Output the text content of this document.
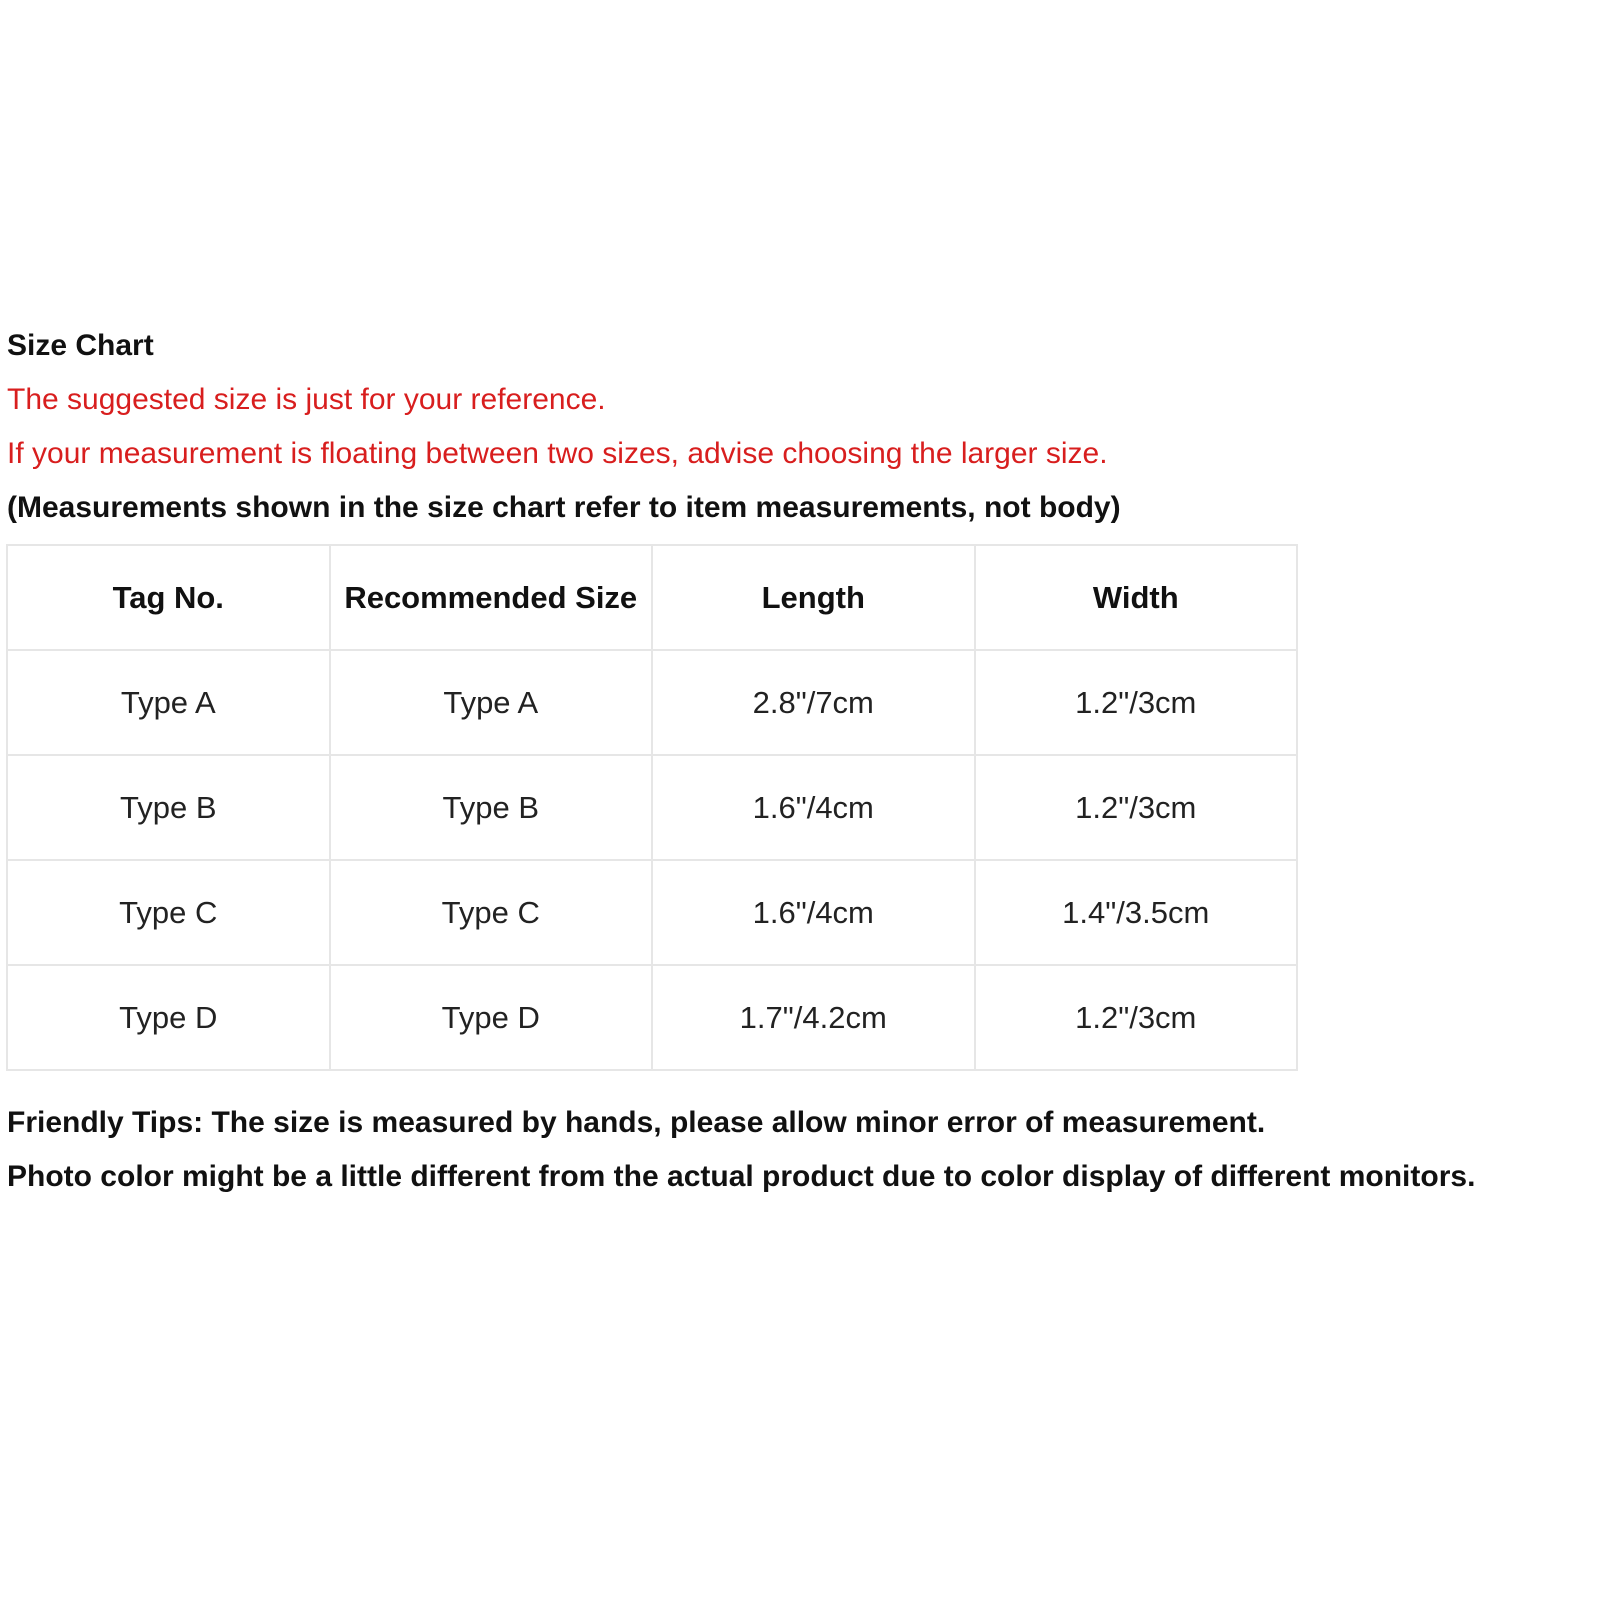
Size Chart
The suggested size is just for your reference.
If your measurement is floating between two sizes, advise choosing the larger size.
(Measurements shown in the size chart refer to item measurements, not body)
Tag No.	Recommended Size	Length	Width
Type A	Type A	2.8"/7cm	1.2"/3cm
Type B	Type B	1.6"/4cm	1.2"/3cm
Type C	Type C	1.6"/4cm	1.4"/3.5cm
Type D	Type D	1.7"/4.2cm	1.2"/3cm
Friendly Tips: The size is measured by hands, please allow minor error of measurement.
Photo color might be a little different from the actual product due to color display of different monitors.
